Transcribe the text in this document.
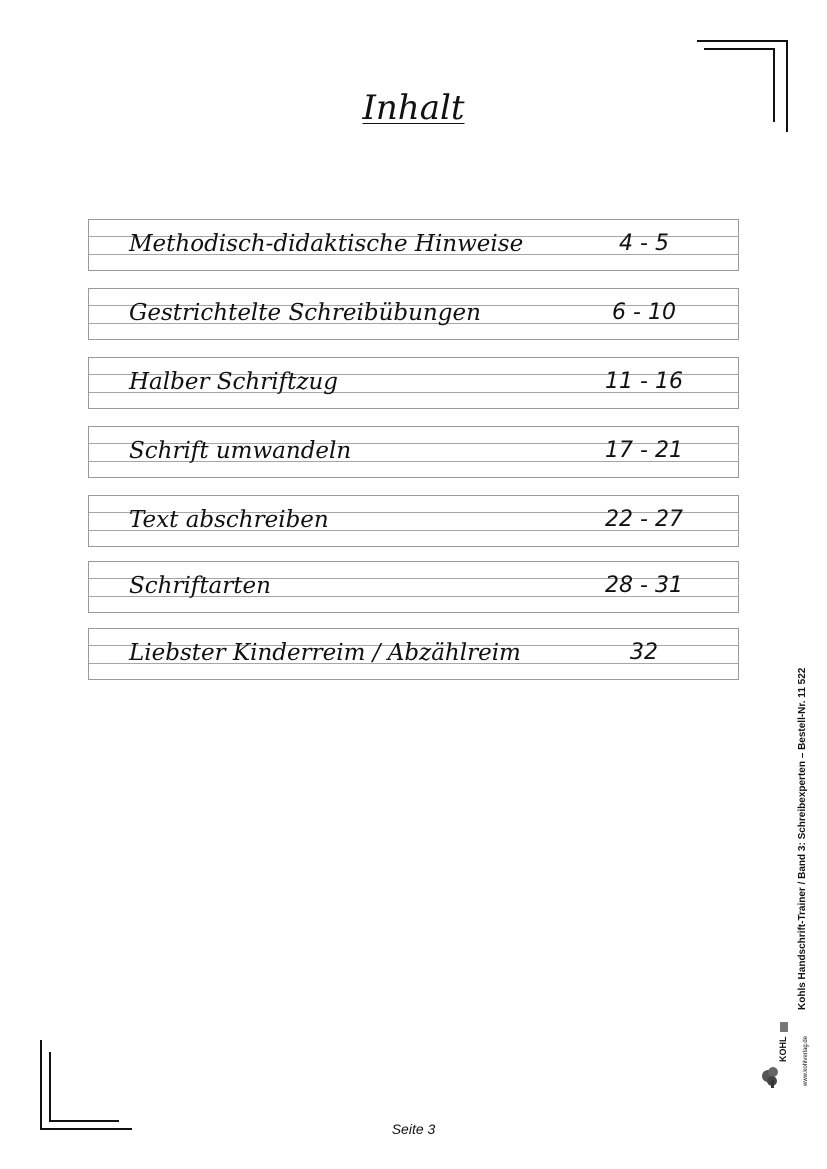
Inhalt
Methodisch-didaktische Hinweise	4 - 5
Gestrichtelte Schreibübungen	6 - 10
Halber Schriftzug	11 - 16
Schrift umwandeln	17 - 21
Text abschreiben	22 - 27
Schriftarten	28 - 31
Liebster Kinderreim / Abzählreim	32
Kohls Handschrift-Trainer / Band 3: Schreibexperten – Bestell-Nr. 11 522
KOHL	www.kohlverlag.de
Seite 3
